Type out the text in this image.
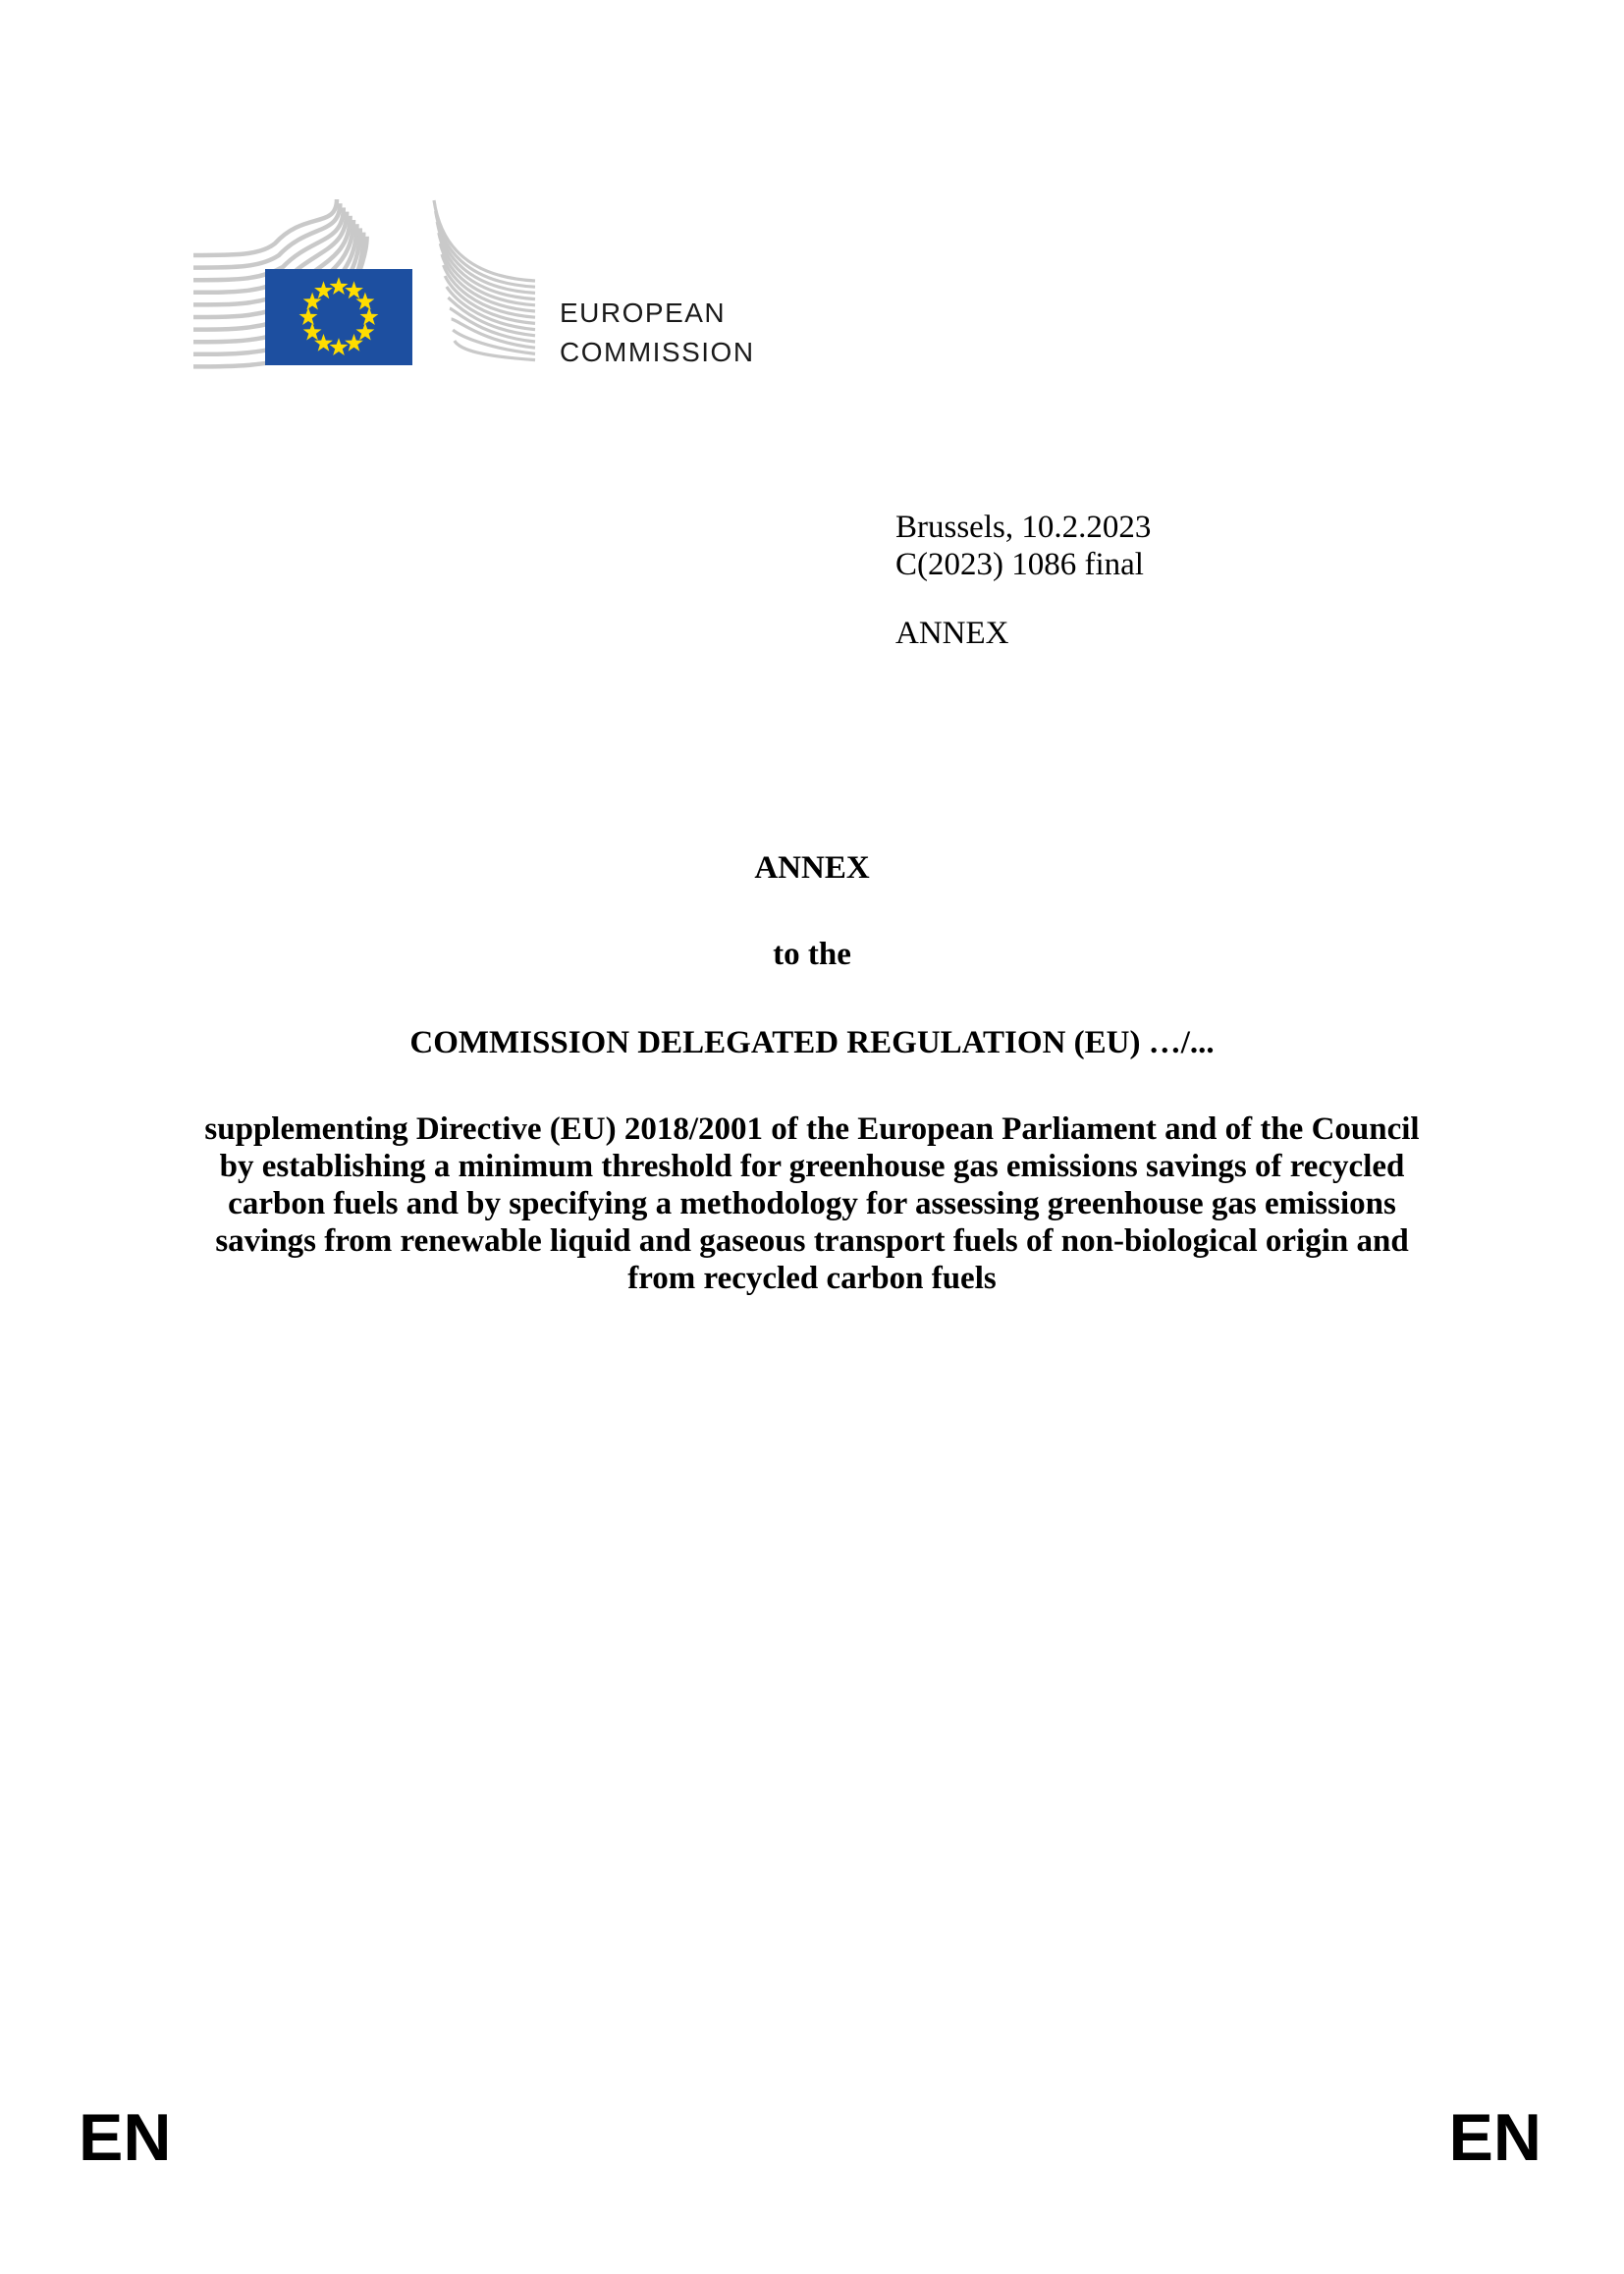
EUROPEAN
COMMISSION
Brussels, 10.2.2023
C(2023) 1086 final
ANNEX
ANNEX
to the
COMMISSION DELEGATED REGULATION (EU) …/...
supplementing Directive (EU) 2018/2001 of the European Parliament and of the Council by establishing a minimum threshold for greenhouse gas emissions savings of recycled carbon fuels and by specifying a methodology for assessing greenhouse gas emissions savings from renewable liquid and gaseous transport fuels of non-biological origin and from recycled carbon fuels
EN	EN
